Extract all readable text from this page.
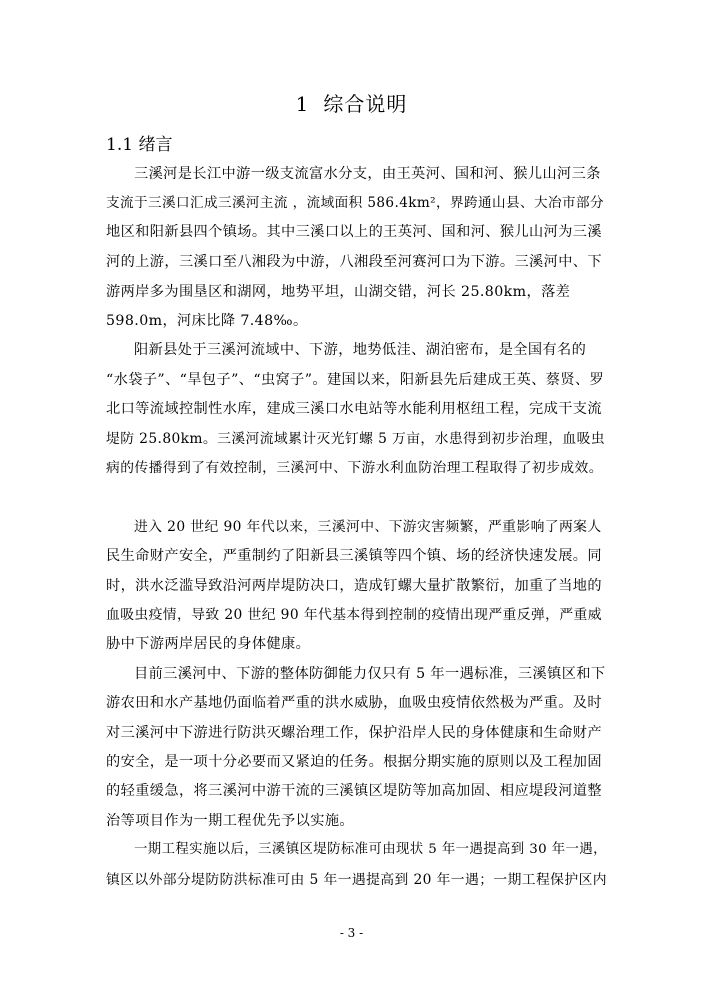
1 综合说明
1.1 绪言
三溪河是长江中游一级支流富水分支，由王英河、国和河、猴儿山河三条
支流于三溪口汇成三溪河主流 ，流域面积 586.4km²，界跨通山县、大冶市部分
地区和阳新县四个镇场。其中三溪口以上的王英河、国和河、猴儿山河为三溪
河的上游，三溪口至八湘段为中游，八湘段至河赛河口为下游。三溪河中、下
游两岸多为围垦区和湖网，地势平坦，山湖交错，河长 25.80km，落差
598.0m，河床比降 7.48‰。
阳新县处于三溪河流域中、下游，地势低洼、湖泊密布，是全国有名的
“水袋子”、“旱包子”、“虫窝子”。建国以来，阳新县先后建成王英、蔡贤、罗
北口等流域控制性水库，建成三溪口水电站等水能利用枢纽工程，完成干支流
堤防 25.80km。三溪河流域累计灭光钉螺 5 万亩，水患得到初步治理，血吸虫
病的传播得到了有效控制，三溪河中、下游水利血防治理工程取得了初步成效。
进入 20 世纪 90 年代以来，三溪河中、下游灾害频繁，严重影响了两案人
民生命财产安全，严重制约了阳新县三溪镇等四个镇、场的经济快速发展。同
时，洪水泛滥导致沿河两岸堤防决口，造成钉螺大量扩散繁衍，加重了当地的
血吸虫疫情，导致 20 世纪 90 年代基本得到控制的疫情出现严重反弹，严重威
胁中下游两岸居民的身体健康。
目前三溪河中、下游的整体防御能力仅只有 5 年一遇标准，三溪镇区和下
游农田和水产基地仍面临着严重的洪水威胁，血吸虫疫情依然极为严重。及时
对三溪河中下游进行防洪灭螺治理工作，保护沿岸人民的身体健康和生命财产
的安全，是一项十分必要而又紧迫的任务。根据分期实施的原则以及工程加固
的轻重缓急，将三溪河中游干流的三溪镇区堤防等加高加固、相应堤段河道整
治等项目作为一期工程优先予以实施。
一期工程实施以后，三溪镇区堤防标准可由现状 5 年一遇提高到 30 年一遇，
镇区以外部分堤防防洪标准可由 5 年一遇提高到 20 年一遇；一期工程保护区内
- 3 -
